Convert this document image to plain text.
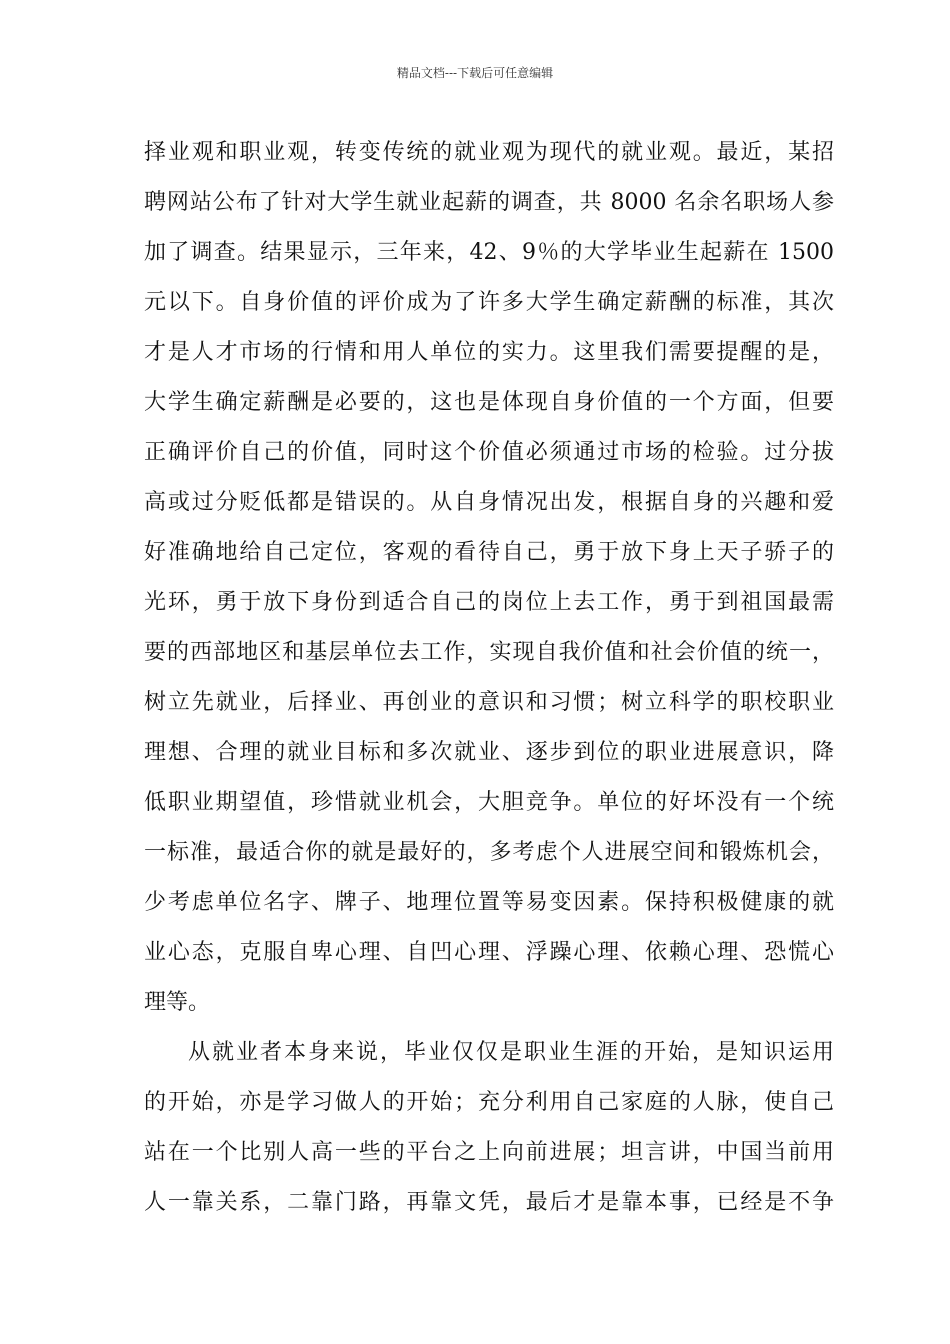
精品文档---下载后可任意编辑
择业观和职业观，转变传统的就业观为现代的就业观。最近，某招
聘网站公布了针对大学生就业起薪的调查，共 8000 名余名职场人参
加了调查。结果显示，三年来，42、9％的大学毕业生起薪在 1500
元以下。自身价值的评价成为了许多大学生确定薪酬的标准，其次
才是人才市场的行情和用人单位的实力。这里我们需要提醒的是，
大学生确定薪酬是必要的，这也是体现自身价值的一个方面，但要
正确评价自己的价值，同时这个价值必须通过市场的检验。过分拔
高或过分贬低都是错误的。从自身情况出发，根据自身的兴趣和爱
好准确地给自己定位，客观的看待自己，勇于放下身上天子骄子的
光环，勇于放下身份到适合自己的岗位上去工作，勇于到祖国最需
要的西部地区和基层单位去工作，实现自我价值和社会价值的统一，
树立先就业，后择业、再创业的意识和习惯；树立科学的职校职业
理想、合理的就业目标和多次就业、逐步到位的职业进展意识，降
低职业期望值，珍惜就业机会，大胆竞争。单位的好坏没有一个统
一标准，最适合你的就是最好的，多考虑个人进展空间和锻炼机会，
少考虑单位名字、牌子、地理位置等易变因素。保持积极健康的就
业心态，克服自卑心理、自凹心理、浮躁心理、依赖心理、恐慌心
理等。
从就业者本身来说，毕业仅仅是职业生涯的开始，是知识运用
的开始，亦是学习做人的开始；充分利用自己家庭的人脉，使自己
站在一个比别人高一些的平台之上向前进展；坦言讲，中国当前用
人一靠关系，二靠门路，再靠文凭，最后才是靠本事，已经是不争
